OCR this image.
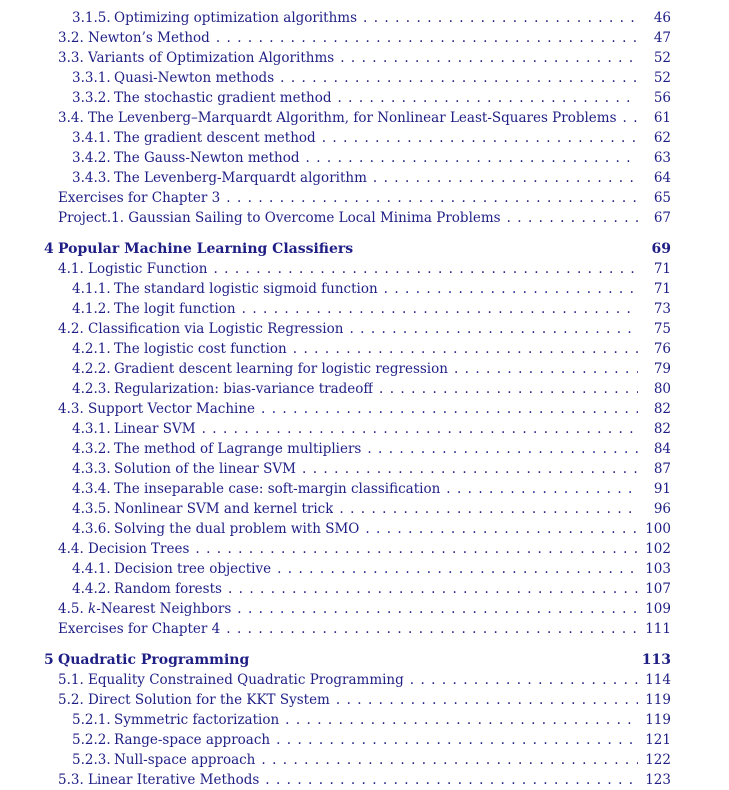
3.1.5. Optimizing optimization algorithms .....	46
3.2. Newton’s Method .....	47
3.3. Variants of Optimization Algorithms .....	52
3.3.1. Quasi-Newton methods .....	52
3.3.2. The stochastic gradient method .....	56
3.4. The Levenberg–Marquardt Algorithm, for Nonlinear Least-Squares Problems .....	61
3.4.1. The gradient descent method .....	62
3.4.2. The Gauss-Newton method .....	63
3.4.3. The Levenberg-Marquardt algorithm .....	64
Exercises for Chapter 3 .....	65
Project.1. Gaussian Sailing to Overcome Local Minima Problems .....	67
4 Popular Machine Learning Classifiers	69
4.1. Logistic Function .....	71
4.1.1. The standard logistic sigmoid function .....	71
4.1.2. The logit function .....	73
4.2. Classification via Logistic Regression .....	75
4.2.1. The logistic cost function .....	76
4.2.2. Gradient descent learning for logistic regression .....	79
4.2.3. Regularization: bias-variance tradeoff .....	80
4.3. Support Vector Machine .....	82
4.3.1. Linear SVM .....	82
4.3.2. The method of Lagrange multipliers .....	84
4.3.3. Solution of the linear SVM .....	87
4.3.4. The inseparable case: soft-margin classification .....	91
4.3.5. Nonlinear SVM and kernel trick .....	96
4.3.6. Solving the dual problem with SMO .....	100
4.4. Decision Trees .....	102
4.4.1. Decision tree objective .....	103
4.4.2. Random forests .....	107
4.5. k-Nearest Neighbors .....	109
Exercises for Chapter 4 .....	111
5 Quadratic Programming	113
5.1. Equality Constrained Quadratic Programming .....	114
5.2. Direct Solution for the KKT System .....	119
5.2.1. Symmetric factorization .....	119
5.2.2. Range-space approach .....	121
5.2.3. Null-space approach .....	122
5.3. Linear Iterative Methods .....	123
